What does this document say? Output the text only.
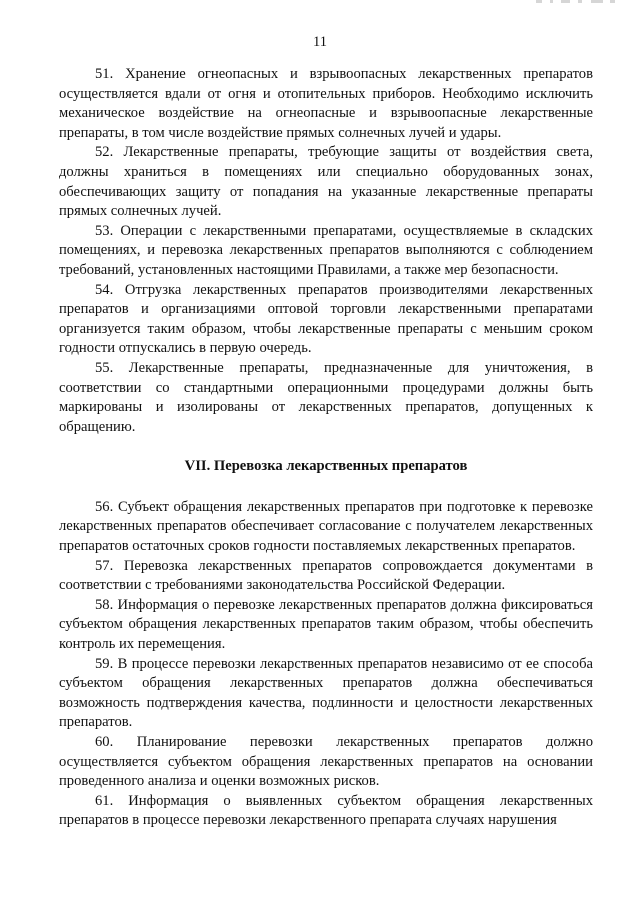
11

51. Хранение огнеопасных и взрывоопасных лекарственных препаратов осуществляется вдали от огня и отопительных приборов. Необходимо исключить механическое воздействие на огнеопасные и взрывоопасные лекарственные препараты, в том числе воздействие прямых солнечных лучей и удары.

52. Лекарственные препараты, требующие защиты от воздействия света, должны храниться в помещениях или специально оборудованных зонах, обеспечивающих защиту от попадания на указанные лекарственные препараты прямых солнечных лучей.

53. Операции с лекарственными препаратами, осуществляемые в складских помещениях, и перевозка лекарственных препаратов выполняются с соблюдением требований, установленных настоящими Правилами, а также мер безопасности.

54. Отгрузка лекарственных препаратов производителями лекарственных препаратов и организациями оптовой торговли лекарственными препаратами организуется таким образом, чтобы лекарственные препараты с меньшим сроком годности отпускались в первую очередь.

55. Лекарственные препараты, предназначенные для уничтожения, в соответствии со стандартными операционными процедурами должны быть маркированы и изолированы от лекарственных препаратов, допущенных к обращению.

VII. Перевозка лекарственных препаратов

56. Субъект обращения лекарственных препаратов при подготовке к перевозке лекарственных препаратов обеспечивает согласование с получателем лекарственных препаратов остаточных сроков годности поставляемых лекарственных препаратов.

57. Перевозка лекарственных препаратов сопровождается документами в соответствии с требованиями законодательства Российской Федерации.

58. Информация о перевозке лекарственных препаратов должна фиксироваться субъектом обращения лекарственных препаратов таким образом, чтобы обеспечить контроль их перемещения.

59. В процессе перевозки лекарственных препаратов независимо от ее способа субъектом обращения лекарственных препаратов должна обеспечиваться возможность подтверждения качества, подлинности и целостности лекарственных препаратов.

60. Планирование перевозки лекарственных препаратов должно осуществляется субъектом обращения лекарственных препаратов на основании проведенного анализа и оценки возможных рисков.

61. Информация о выявленных субъектом обращения лекарственных препаратов в процессе перевозки лекарственного препарата случаях нарушения
